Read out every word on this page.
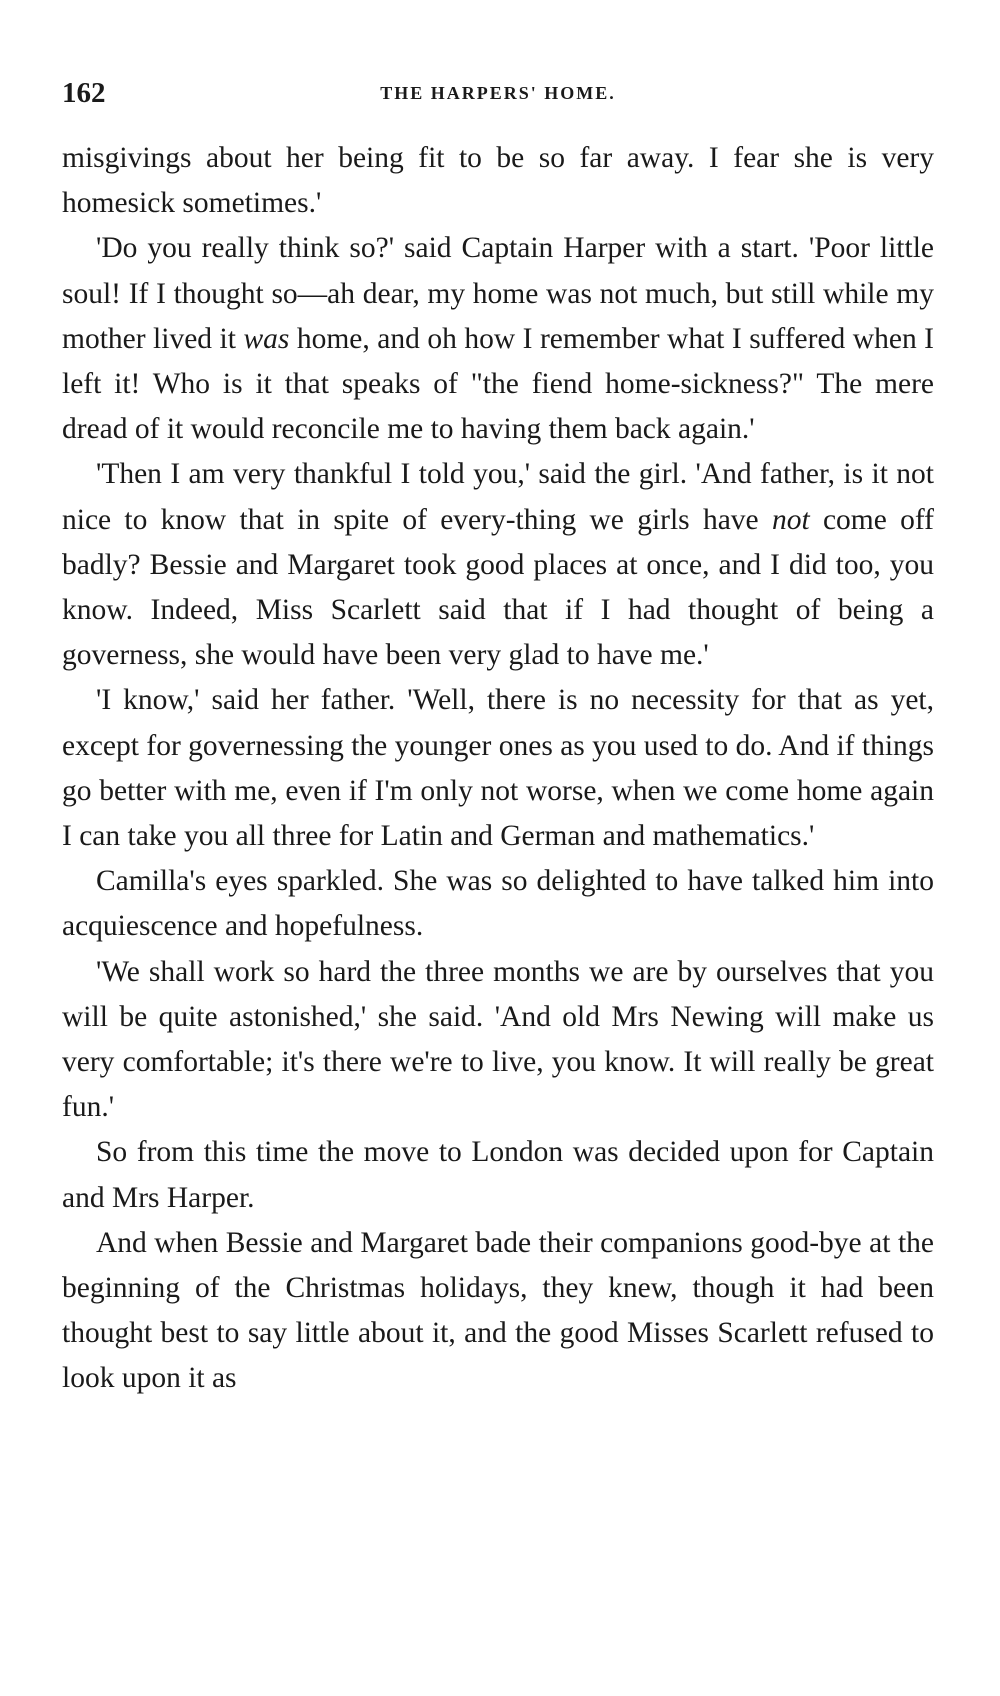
162	THE HARPERS' HOME.

misgivings about her being fit to be so far away. I fear she is very homesick sometimes.'

'Do you really think so?' said Captain Harper with a start. 'Poor little soul! If I thought so—ah dear, my home was not much, but still while my mother lived it was home, and oh how I remember what I suffered when I left it! Who is it that speaks of "the fiend home-sickness?" The mere dread of it would reconcile me to having them back again.'

'Then I am very thankful I told you,' said the girl. 'And father, is it not nice to know that in spite of every-thing we girls have not come off badly? Bessie and Margaret took good places at once, and I did too, you know. Indeed, Miss Scarlett said that if I had thought of being a governess, she would have been very glad to have me.'

'I know,' said her father. 'Well, there is no necessity for that as yet, except for governessing the younger ones as you used to do. And if things go better with me, even if I'm only not worse, when we come home again I can take you all three for Latin and German and mathematics.'

Camilla's eyes sparkled. She was so delighted to have talked him into acquiescence and hopefulness.

'We shall work so hard the three months we are by ourselves that you will be quite astonished,' she said. 'And old Mrs Newing will make us very comfortable; it's there we're to live, you know. It will really be great fun.'

So from this time the move to London was decided upon for Captain and Mrs Harper.

And when Bessie and Margaret bade their companions good-bye at the beginning of the Christmas holidays, they knew, though it had been thought best to say little about it, and the good Misses Scarlett refused to look upon it as
